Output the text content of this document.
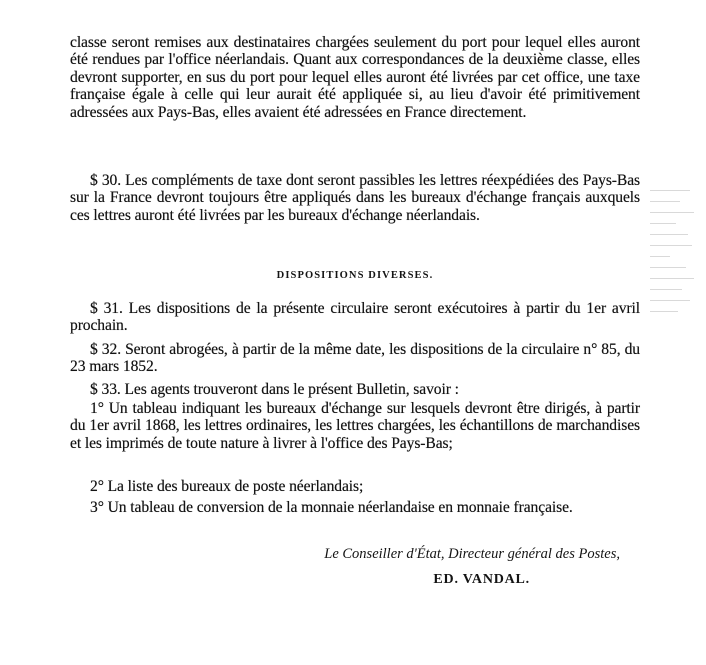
classe seront remises aux destinataires chargées seulement du port pour lequel elles auront été rendues par l'office néerlandais. Quant aux correspondances de la deuxième classe, elles devront supporter, en sus du port pour lequel elles auront été livrées par cet office, une taxe française égale à celle qui leur aurait été appliquée si, au lieu d'avoir été primitivement adressées aux Pays-Bas, elles avaient été adressées en France directement.
$ 30. Les compléments de taxe dont seront passibles les lettres réexpédiées des Pays-Bas sur la France devront toujours être appliqués dans les bureaux d'échange français auxquels ces lettres auront été livrées par les bureaux d'échange néerlandais.
DISPOSITIONS DIVERSES.
$ 31. Les dispositions de la présente circulaire seront exécutoires à partir du 1er avril prochain.
$ 32. Seront abrogées, à partir de la même date, les dispositions de la circulaire n° 85, du 23 mars 1852.
$ 33. Les agents trouveront dans le présent Bulletin, savoir :
1° Un tableau indiquant les bureaux d'échange sur lesquels devront être dirigés, à partir du 1er avril 1868, les lettres ordinaires, les lettres chargées, les échantillons de marchandises et les imprimés de toute nature à livrer à l'office des Pays-Bas;
2° La liste des bureaux de poste néerlandais;
3° Un tableau de conversion de la monnaie néerlandaise en monnaie française.
Le Conseiller d'État, Directeur général des Postes,
ED. VANDAL.
